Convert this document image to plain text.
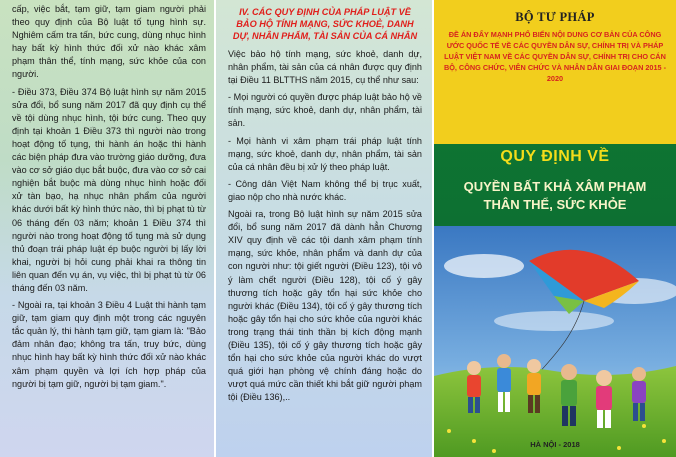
cấp, việc bắt, tạm giữ, tạm giam người phải theo quy định của Bộ luật tố tụng hình sự. Nghiêm cấm tra tấn, bức cung, dùng nhục hình hay bất kỳ hình thức đối xử nào khác xâm phạm thân thể, tính mạng, sức khỏe của con người.

- Điều 373, Điều 374 Bộ luật hình sự năm 2015 sửa đổi, bổ sung năm 2017 đã quy định cụ thể về tội dùng nhục hình, tội bức cung. Theo quy định tại khoản 1 Điều 373 thì người nào trong hoạt động tố tụng, thi hành án hoặc thi hành các biện pháp đưa vào trường giáo dưỡng, đưa vào cơ sở giáo dục bắt buộc, đưa vào cơ sở cai nghiện bắt buộc mà dùng nhục hình hoặc đối xử tàn bạo, hạ nhục nhân phẩm của người khác dưới bất kỳ hình thức nào, thì bị phạt tù từ 06 tháng đến 03 năm; khoản 1 Điều 374 thì người nào trong hoạt động tố tụng mà sử dụng thủ đoạn trái pháp luật ép buộc người bị lấy lời khai, người bị hỏi cung phải khai ra thông tin liên quan đến vụ án, vụ việc, thì bị phạt tù từ 06 tháng đến 03 năm.

- Ngoài ra, tại khoản 3 Điều 4 Luật thi hành tạm giữ, tạm giam quy định một trong các nguyên tắc quản lý, thi hành tạm giữ, tạm giam là: "Bảo đảm nhân đạo; không tra tấn, truy bức, dùng nhục hình hay bất kỳ hình thức đối xử nào khác xâm phạm quyền và lợi ích hợp pháp của người bị tạm giữ, người bị tạm giam.".

IV. CÁC QUY ĐỊNH CỦA PHÁP LUẬT VỀ BẢO HỘ TÍNH MẠNG, SỨC KHOẺ, DANH DỰ, NHÂN PHẨM, TÀI SẢN CỦA CÁ NHÂN

Việc bảo hộ tính mạng, sức khoẻ, danh dự, nhân phẩm, tài sản của cá nhân được quy định tại Điều 11 BLTTHS năm 2015, cụ thể như sau:

- Mọi người có quyền được pháp luật bảo hộ về tính mạng, sức khoẻ, danh dự, nhân phẩm, tài sản.

- Mọi hành vi xâm phạm trái pháp luật tính mạng, sức khoẻ, danh dự, nhân phẩm, tài sản của cá nhân đều bị xử lý theo pháp luật.

- Công dân Việt Nam không thể bị trục xuất, giao nộp cho nhà nước khác.

Ngoài ra, trong Bộ luật hình sự năm 2015 sửa đổi, bổ sung năm 2017 đã dành hẳn Chương XIV quy định về các tội danh xâm phạm tính mạng, sức khỏe, nhân phẩm và danh dự của con người như: tội giết người (Điều 123), tội vô ý làm chết người (Điều 128), tội cố ý gây thương tích hoặc gây tổn hại sức khỏe cho người khác (Điều 134), tội cố ý gây thương tích hoặc gây tổn hại cho sức khỏe của người khác trong trạng thái tinh thần bị kích động mạnh (Điều 135), tội cố ý gây thương tích hoặc gây tổn hại cho sức khỏe của người khác do vượt quá giới hạn phòng vệ chính đáng hoặc do vượt quá mức cần thiết khi bắt giữ người phạm tội (Điều 136),..

BỘ TƯ PHÁP

ĐỀ ÁN ĐẨY MẠNH PHỔ BIẾN NỘI DUNG CƠ BẢN CỦA CÔNG ƯỚC QUỐC TẾ VỀ CÁC QUYỀN DÂN SỰ, CHÍNH TRỊ VÀ PHÁP LUẬT VIỆT NAM VỀ CÁC QUYỀN DÂN SỰ, CHÍNH TRỊ CHO CÁN BỘ, CÔNG CHỨC, VIÊN CHỨC VÀ NHÂN DÂN GIAI ĐOẠN 2015 - 2020

QUY ĐỊNH VỀ

QUYỀN BẤT KHẢ XÂM PHẠM
THÂN THỂ, SỨC KHỎE

HÀ NỘI - 2018
